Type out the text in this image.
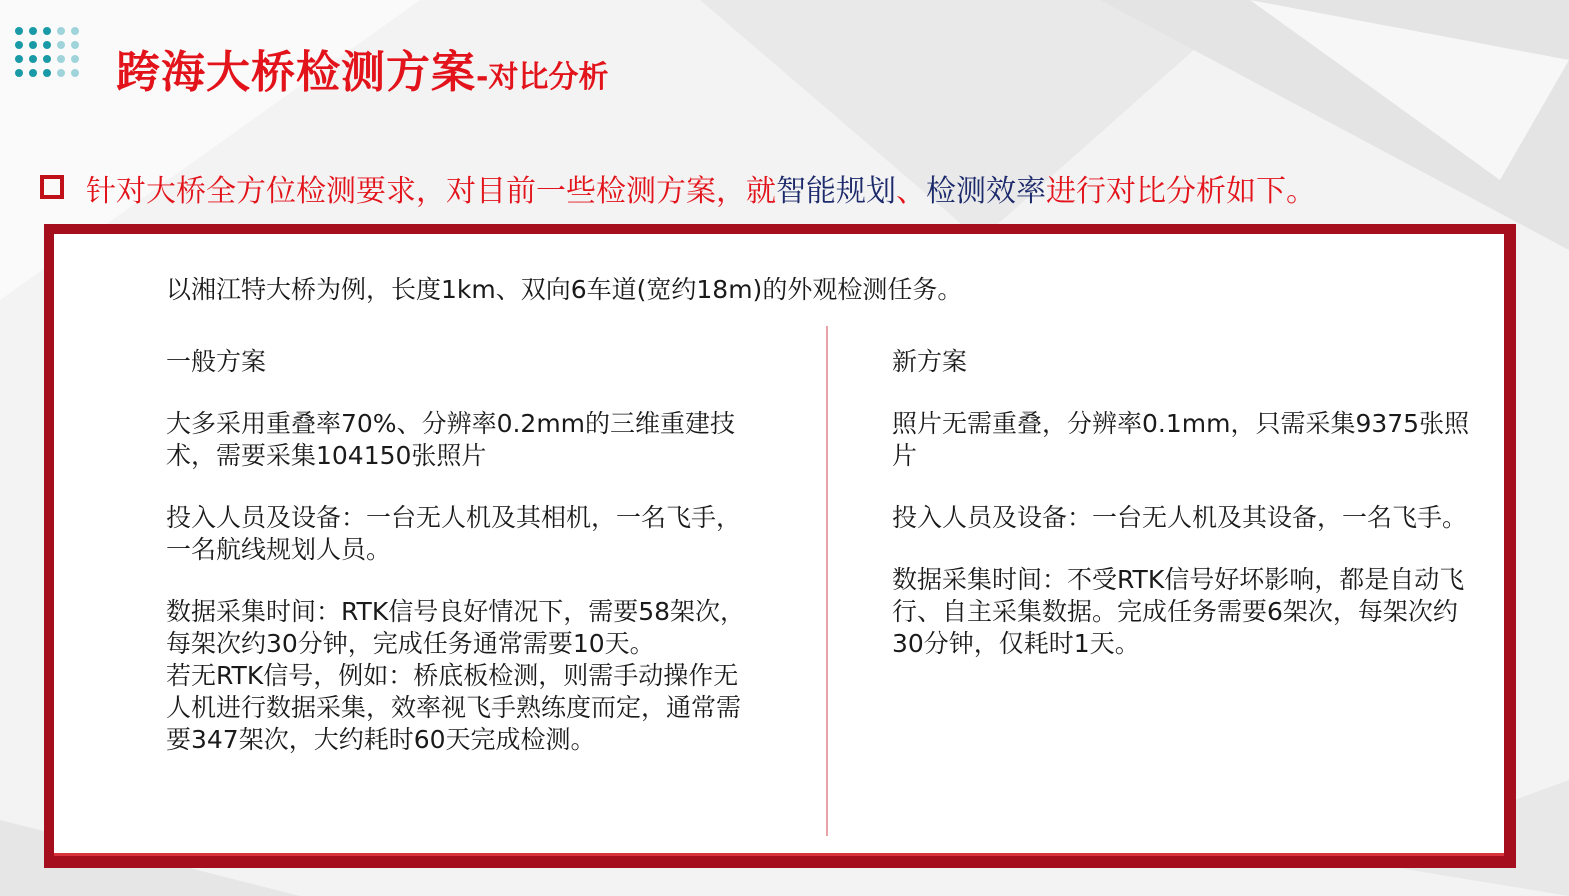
跨海大桥检测方案-对比分析
针对大桥全方位检测要求，对目前一些检测方案，就智能规划、检测效率进行对比分析如下。
以湘江特大桥为例，长度1km、双向6车道(宽约18m)的外观检测任务。
一般方案

大多采用重叠率70%、分辨率0.2mm的三维重建技术，需要采集104150张照片

投入人员及设备：一台无人机及其相机，一名飞手，一名航线规划人员。

数据采集时间：RTK信号良好情况下，需要58架次，每架次约30分钟，完成任务通常需要10天。

若无RTK信号，例如：桥底板检测，则需手动操作无人机进行数据采集，效率视飞手熟练度而定，通常需要347架次，大约耗时60天完成检测。

新方案

照片无需重叠，分辨率0.1mm，只需采集9375张照片

投入人员及设备：一台无人机及其设备，一名飞手。

数据采集时间：不受RTK信号好坏影响，都是自动飞行、自主采集数据。完成任务需要6架次，每架次约30分钟，仅耗时1天。
